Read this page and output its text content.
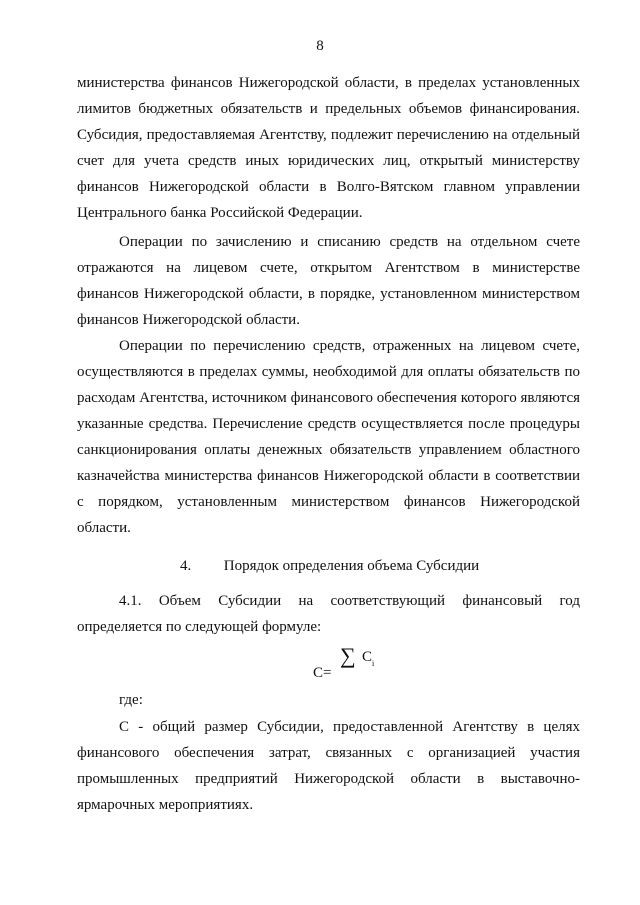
8

министерства финансов Нижегородской области, в пределах установленных лимитов бюджетных обязательств и предельных объемов финансирования. Субсидия, предоставляемая Агентству, подлежит перечислению на отдельный счет для учета средств иных юридических лиц, открытый министерству финансов Нижегородской области в Волго-Вятском главном управлении Центрального банка Российской Федерации.

Операции по зачислению и списанию средств на отдельном счете отражаются на лицевом счете, открытом Агентством в министерстве финансов Нижегородской области, в порядке, установленном министерством финансов Нижегородской области.

Операции по перечислению средств, отраженных на лицевом счете, осуществляются в пределах суммы, необходимой для оплаты обязательств по расходам Агентства, источником финансового обеспечения которого являются указанные средства. Перечисление средств осуществляется после процедуры санкционирования оплаты денежных обязательств управлением областного казначейства министерства финансов Нижегородской области в соответствии с порядком, установленным министерством финансов Нижегородской области.

4. Порядок определения объема Субсидии

4.1. Объем Субсидии на соответствующий финансовый год определяется по следующей формуле:

С=
∑ С i
где:

С - общий размер Субсидии, предоставленной Агентству в целях финансового обеспечения затрат, связанных с организацией участия промышленных предприятий Нижегородской области в выставочно-ярмарочных мероприятиях.
